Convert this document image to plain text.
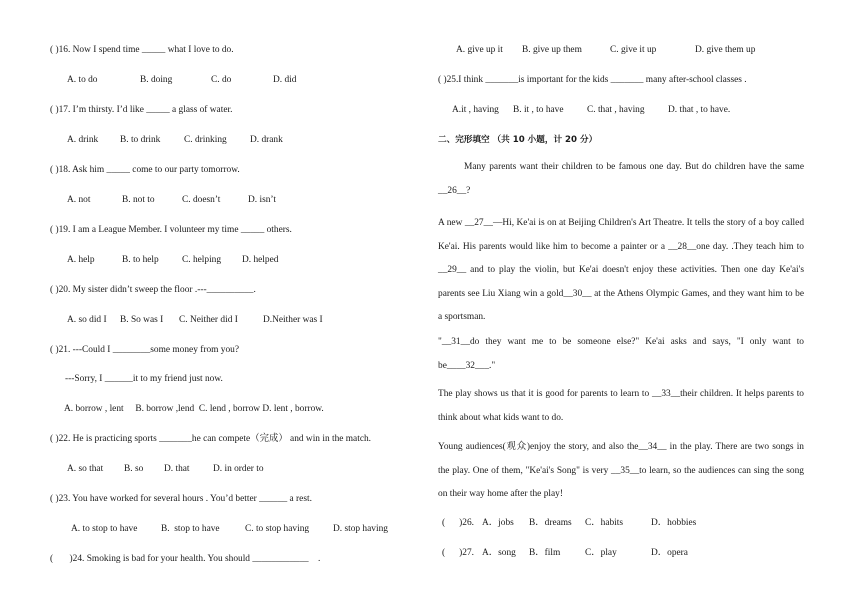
( )16. Now I spend time _____ what I love to do.
A. to do	B. doing	C. do	D. did
( )17. I’m thirsty. I’d like _____ a glass of water.
A. drink B. to drink	C. drinking D. drank
( )18. Ask him _____ come to our party tomorrow.
A. not	B. not to	C. doesn’t	D. isn’t
( )19. I am a League Member. I volunteer my time _____ others.
A. help	B. to help C. helping D. helped
( )20. My sister didn’t sweep the floor .---__________.
A. so did I B. So was I C. Neither did I	D.Neither was I
( )21. ---Could I ________some money from you?
---Sorry, I ______it to my friend just now.
A. borrow , lent     B. borrow ,lend  C. lend , borrow D. lent , borrow.
( )22. He is practicing sports _______he can compete（完成） and win in the match.
A. so that B. so D. that D. in order to
( )23. You have worked for several hours . You’d better ______ a rest.
A. to stop to have	B.  stop to have	C. to stop having	D. stop having
(       )24. Smoking is bad for your health. You should ____________    .
A. give up it B. give up them	C. give it up	D. give them up
( )25.I think _______is important for the kids _______ many after-school classes .
A.it , having B. it , to have C. that , having D. that , to have.
二、完形填空 （共 10 小题，计 20 分）
Many parents want their children to be famous one day. But do children have the same __26__?
A new __27__—Hi, Ke'ai is on at Beijing Children's Art Theatre. It tells the story of a boy called Ke'ai. His parents would like him to become a painter or a __28__one day. .They teach him to __29__ and to play the violin, but Ke'ai doesn't enjoy these activities. Then one day Ke'ai's parents see Liu Xiang win a gold__30__ at the Athens Olympic Games, and they want him to be a sportsman.
"__31__do they want me to be someone else?" Ke'ai asks and says, "I only want to be____32___."
The play shows us that it is good for parents to learn to __33__their children. It helps parents to think about what kids want to do.
Young audiences(观众)enjoy the story, and also the__34__ in the play. There are two songs in the play. One of them, "Ke'ai's Song" is very __35__to learn, so the audiences can sing the song on their way home after the play!
(      )26. A．jobs B．dreams C．habits	D．hobbies
(      )27. A．song B．film	C．play	D．opera
